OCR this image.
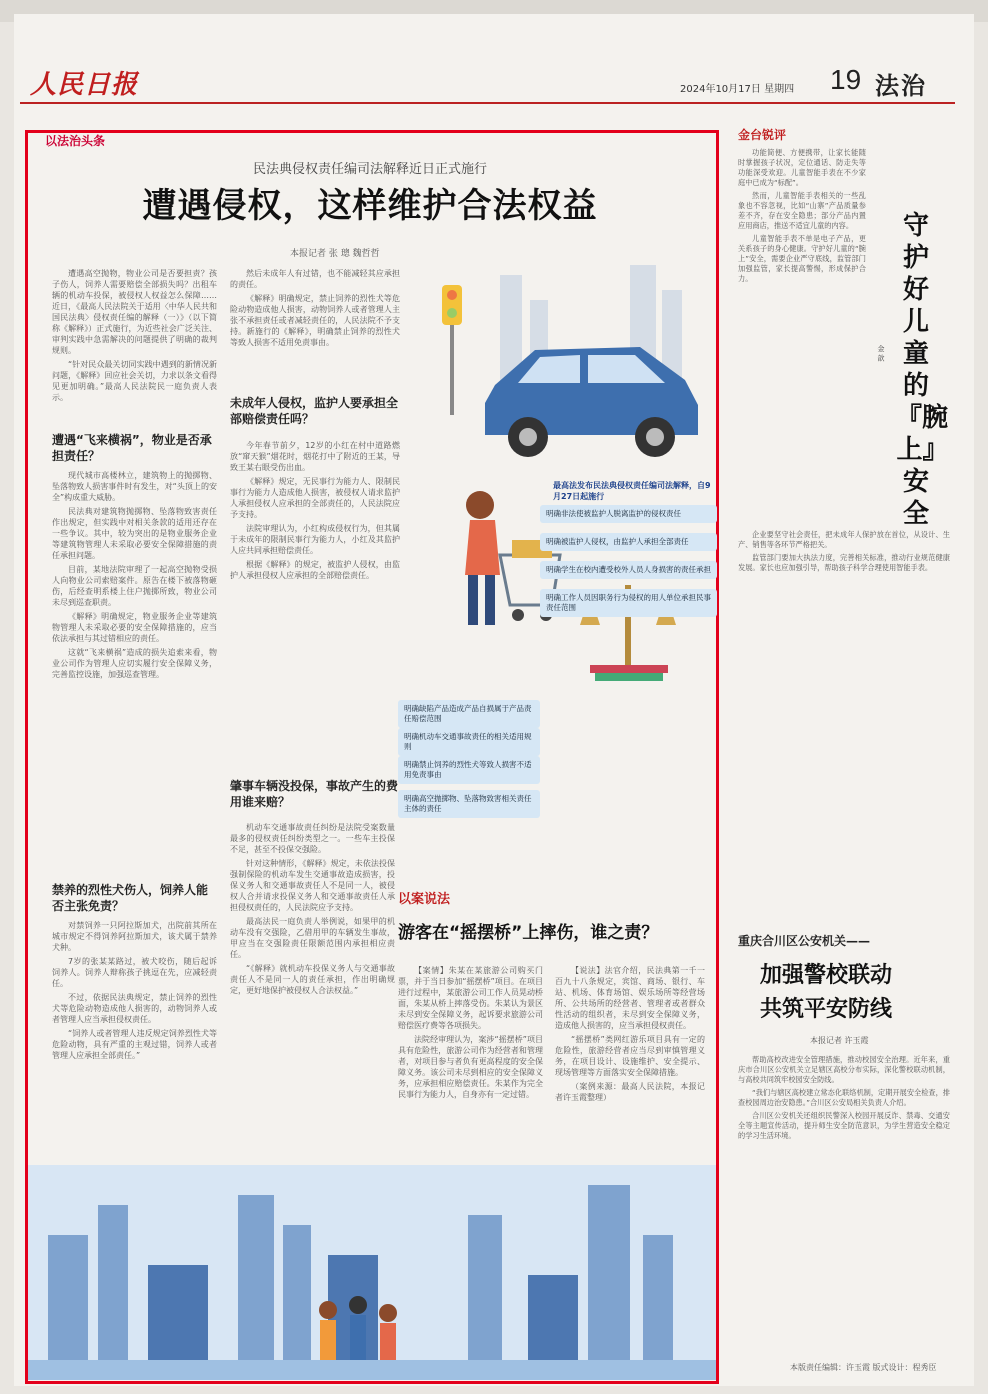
人民日报	2024年10月17日 星期四 19 法治
以法治头条
民法典侵权责任编司法解释近日正式施行
遭遇侵权，这样维护合法权益
本报记者 张 璁 魏哲哲

遭遇高空抛物，物业公司是否要担责？孩子伤人，饲养人需要赔偿全部损失吗？出租车辆的机动车投保，被侵权人权益怎么保障……近日，《最高人民法院关于适用〈中华人民共和国民法典〉侵权责任编的解释（一）》（以下简称《解释》）正式施行，为近些社会广泛关注、审判实践中急需解决的问题提供了明确的裁判规则。

“针对民众最关切同实践中遇到的新情况新问题，《解释》回应社会关切，力求以条文看得见更加明确。”最高人民法院民一庭负责人表示。

遭遇“飞来横祸”，物业是否承担责任？

现代城市高楼林立，建筑物上的抛掷物、坠落物致人损害事件时有发生，对“头顶上的安全”构成重大威胁。

民法典对建筑物抛掷物、坠落物致害责任作出规定，但实践中对相关条款的适用还存在一些争议。其中，较为突出的是物业服务企业等建筑物管理人未采取必要安全保障措施的责任承担问题。

目前，某地法院审理了一起高空抛物受损人向物业公司索赔案件。原告在楼下被落物砸伤，后经查明系楼上住户抛掷所致，物业公司未尽到巡查职责。

《解释》明确规定，物业服务企业等建筑物管理人未采取必要的安全保障措施的，应当依法承担与其过错相应的责任。

这就“飞来横祸”造成的损失追索来看，物业公司作为管理人应切实履行安全保障义务，完善监控设施，加强巡查管理。

禁养的烈性犬伤人，饲养人能否主张免责？

对禁饲养一只阿拉斯加犬，出院前其所在城市规定不得饲养阿拉斯加犬，该犬属于禁养犬种。

7岁的张某某路过，被犬咬伤，随后起诉饲养人。饲养人辩称孩子挑逗在先，应减轻责任。

不过，依据民法典规定，禁止饲养的烈性犬等危险动物造成他人损害的，动物饲养人或者管理人应当承担侵权责任。

“饲养人或者管理人违反规定饲养烈性犬等危险动物，具有严重的主观过错，饲养人或者管理人应承担全部责任。”

然后未成年人有过错，也不能减轻其应承担的责任。

《解释》明确规定，禁止饲养的烈性犬等危险动物造成他人损害，动物饲养人或者管理人主张不承担责任或者减轻责任的，人民法院不予支持。新施行的《解释》，明确禁止饲养的烈性犬等致人损害不适用免责事由。

未成年人侵权，监护人要承担全部赔偿责任吗？

今年春节前夕，12岁的小红在村中道路燃放“窜天猴”烟花时，烟花打中了附近的王某，导致王某右眼受伤出血。

《解释》规定，无民事行为能力人、限制民事行为能力人造成他人损害，被侵权人请求监护人承担侵权人应承担的全部责任的，人民法院应予支持。

法院审理认为，小红构成侵权行为，但其属于未成年的限制民事行为能力人，小红及其监护人应共同承担赔偿责任。

根据《解释》的规定，被监护人侵权，由监护人承担侵权人应承担的全部赔偿责任。

肇事车辆没投保，事故产生的费用谁来赔？

机动车交通事故责任纠纷是法院受案数量最多的侵权责任纠纷类型之一。一些车主投保不足，甚至不投保交强险。

针对这种情形，《解释》规定，未依法投保强制保险的机动车发生交通事故造成损害，投保义务人和交通事故责任人不是同一人，被侵权人合并请求投保义务人和交通事故责任人承担侵权责任的，人民法院应予支持。

最高法民一庭负责人举例说，如果甲的机动车没有交强险，乙借用甲的车辆发生事故，甲应当在交强险责任限额范围内承担相应责任。

“《解释》就机动车投保义务人与交通事故责任人不是同一人的责任承担，作出明确规定，更好地保护被侵权人合法权益。”

最高法发布民法典侵权责任编司法解释，自9月27日起施行
明确非法使被监护人脱离监护的侵权责任
明确被监护人侵权，由监护人承担全部责任
明确学生在校内遭受校外人员人身损害的责任承担
明确工作人员因职务行为侵权的用人单位承担民事责任范围
明确缺陷产品造成产品自损属于产品责任赔偿范围
明确机动车交通事故责任的相关适用规则
明确禁止饲养的烈性犬等致人损害不适用免责事由
明确高空抛掷物、坠落物致害相关责任主体的责任
以案说法
游客在“摇摆桥”上摔伤，谁之责？

【案情】朱某在某旅游公司购买门票，并于当日参加“摇摆桥”项目。在项目进行过程中，某旅游公司工作人员晃动桥面，朱某从桥上摔落受伤。朱某认为景区未尽到安全保障义务，起诉要求旅游公司赔偿医疗费等各项损失。

法院经审理认为，案涉“摇摆桥”项目具有危险性，旅游公司作为经营者和管理者，对项目参与者负有更高程度的安全保障义务。该公司未尽到相应的安全保障义务，应承担相应赔偿责任。朱某作为完全民事行为能力人，自身亦有一定过错。

【说法】法官介绍，民法典第一千一百九十八条规定，宾馆、商场、银行、车站、机场、体育场馆、娱乐场所等经营场所、公共场所的经营者、管理者或者群众性活动的组织者，未尽到安全保障义务，造成他人损害的，应当承担侵权责任。

“摇摆桥”类网红游乐项目具有一定的危险性，旅游经营者应当尽到审慎管理义务，在项目设计、设施维护、安全提示、现场管理等方面落实安全保障措施。

（案例来源：最高人民法院，本报记者许玉霞整理）

金台锐评
守护好儿童的『腕上』安全
金 歆

功能简便、方便携带，让家长能随时掌握孩子状况，定位通话、防走失等功能深受欢迎。儿童智能手表在不少家庭中已成为“标配”。

然而，儿童智能手表相关的一些乱象也不容忽视，比如“山寨”产品质量参差不齐，存在安全隐患；部分产品内置应用商店，推送不适宜儿童的内容。

儿童智能手表不单是电子产品，更关系孩子的身心健康。守护好儿童的“腕上”安全，需要企业严守底线，监管部门加强监管，家长提高警惕，形成保护合力。

企业要坚守社会责任，把未成年人保护放在首位，从设计、生产、销售等各环节严格把关。

监管部门要加大执法力度，完善相关标准，推动行业规范健康发展。家长也应加强引导，帮助孩子科学合理使用智能手表。

重庆合川区公安机关——
加强警校联动
共筑平安防线
本报记者 许玉霞

帮助高校改进安全管理措施，推动校园安全治理。近年来，重庆市合川区公安机关立足辖区高校分布实际，深化警校联动机制，与高校共同筑牢校园安全防线。

“我们与辖区高校建立常态化联络机制，定期开展安全检查，排查校园周边治安隐患。”合川区公安局相关负责人介绍。

合川区公安机关还组织民警深入校园开展反诈、禁毒、交通安全等主题宣传活动，提升师生安全防范意识，为学生营造安全稳定的学习生活环境。

本版责任编辑：许玉霞 版式设计：程秀臣
